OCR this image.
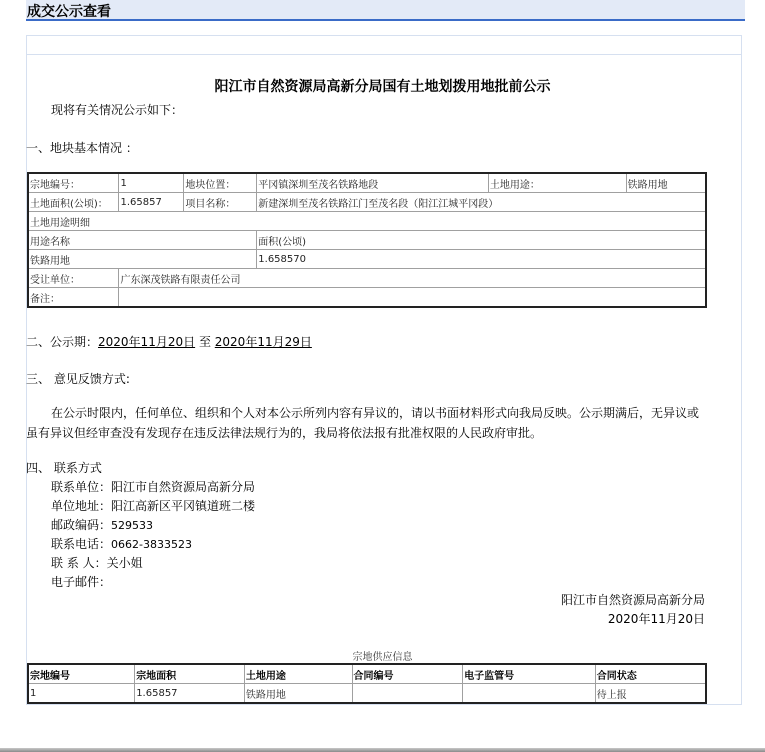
成交公示查看
阳江市自然资源局高新分局国有土地划拨用地批前公示
现将有关情况公示如下：
一、地块基本情况 ：
宗地编号：	1	地块位置：	平冈镇深圳至茂名铁路地段	土地用途：	铁路用地
土地面积(公顷)：	1.65857	项目名称：	新建深圳至茂名铁路江门至茂名段（阳江江城平冈段）		
土地用途明细					
用途名称			面积(公顷)		
铁路用地			1.658570		
受让单位：	广东深茂铁路有限责任公司				
备注：					
二、公示期：2020年11月20日 至 2020年11月29日
三、 意见反馈方式:
在公示时限内，任何单位、组织和个人对本公示所列内容有异议的，请以书面材料形式向我局反映。公示期满后，无异议或
虽有异议但经审查没有发现存在违反法律法规行为的，我局将依法报有批准权限的人民政府审批。
四、 联系方式
联系单位：阳江市自然资源局高新分局
单位地址：阳江高新区平冈镇道班二楼
邮政编码：529533
联系电话：0662-3833523
联 系 人：关小姐
电子邮件：
阳江市自然资源局高新分局
2020年11月20日
宗地供应信息
宗地编号	宗地面积	土地用途	合同编号	电子监管号	合同状态
1	1.65857	铁路用地			待上报
